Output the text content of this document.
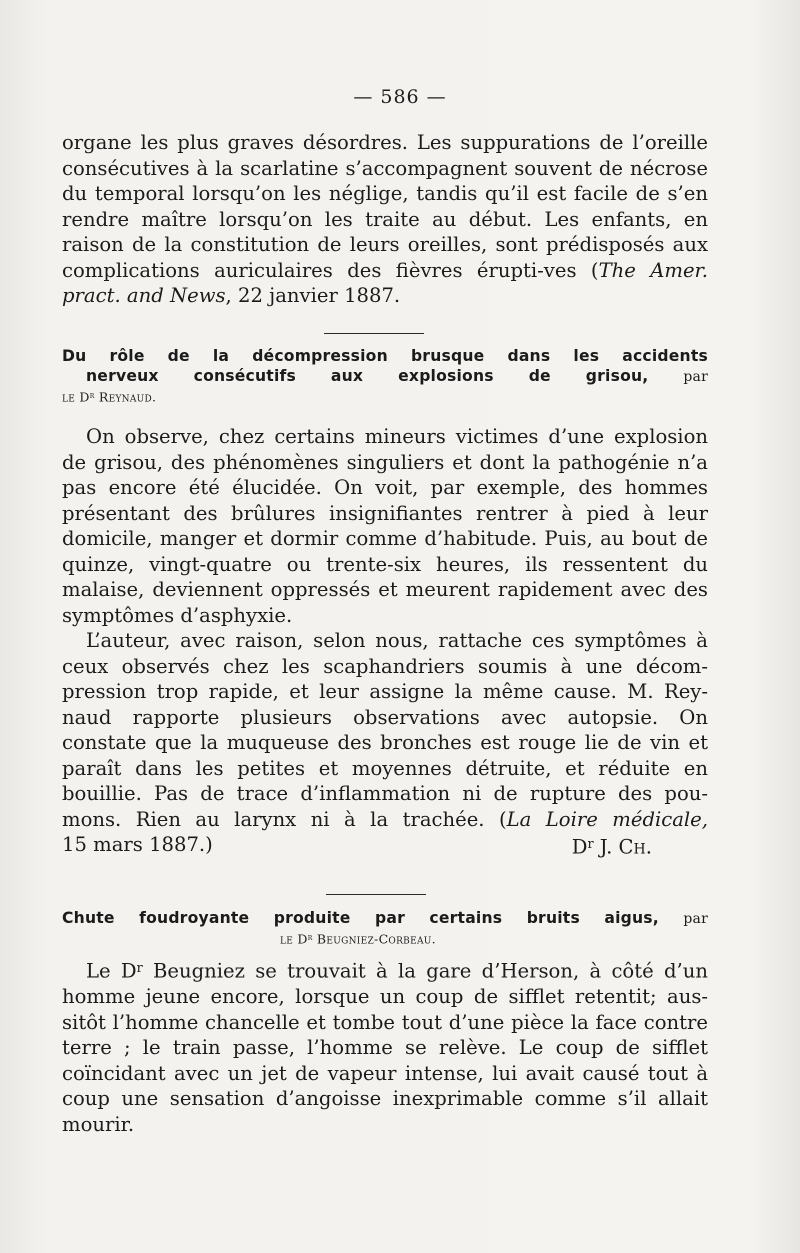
— 586 —

organe les plus graves désordres. Les suppurations de l’oreille consécutives à la scarlatine s’accompagnent souvent de nécrose du temporal lorsqu’on les néglige, tandis qu’il est facile de s’en rendre maître lorsqu’on les traite au début. Les enfants, en raison de la constitution de leurs oreilles, sont prédisposés aux complications auriculaires des fièvres érupti-ves (The Amer. pract. and News, 22 janvier 1887.

Du rôle de la décompression brusque dans les accidents

nerveux consécutifs aux explosions de grisou, par

le $D^r$ Reynaud.

On observe, chez certains mineurs victimes d’une explosion de grisou, des phénomènes singuliers et dont la pathogénie n’a pas encore été élucidée. On voit, par exemple, des hommes présentant des brûlures insignifiantes rentrer à pied à leur domicile, manger et dormir comme d’habitude. Puis, au bout de quinze, vingt-quatre ou trente-six heures, ils ressentent du malaise, deviennent oppressés et meurent rapidement avec des symptômes d’asphyxie.

L’auteur, avec raison, selon nous, rattache ces symptômes à ceux observés chez les scaphandriers soumis à une décom-pression trop rapide, et leur assigne la même cause. M. Rey-naud rapporte plusieurs observations avec autopsie. On constate que la muqueuse des bronches est rouge lie de vin et paraît dans les petites et moyennes détruite, et réduite en bouillie. Pas de trace d’inflammation ni de rupture des pou-mons. Rien au larynx ni à la trachée. (La Loire médicale,

15 mars 1887.)	$D^r$ J. Ch.

Chute foudroyante produite par certains bruits aigus, par

le $D^r$ Beugniez-Corbeau.

Le $D^r$ Beugniez se trouvait à la gare d’Herson, à côté d’un homme jeune encore, lorsque un coup de sifflet retentit; aus-sitôt l’homme chancelle et tombe tout d’une pièce la face contre terre ; le train passe, l’homme se relève. Le coup de sifflet coïncidant avec un jet de vapeur intense, lui avait causé tout à coup une sensation d’angoisse inexprimable comme s’il allait mourir.
